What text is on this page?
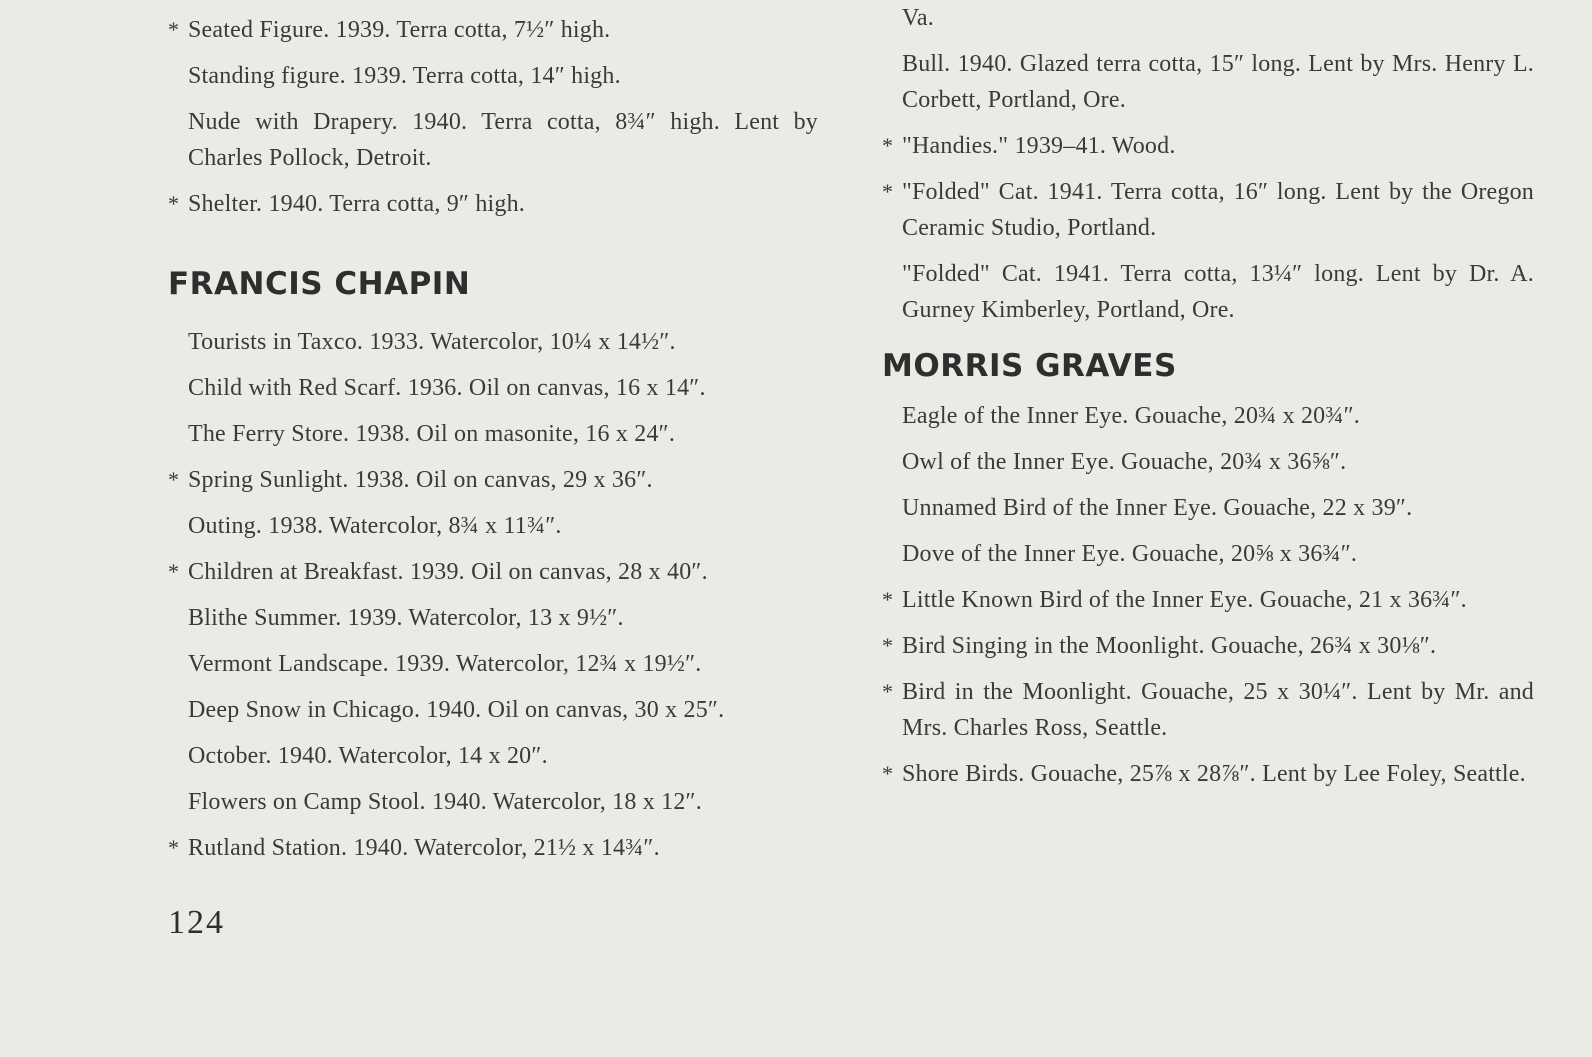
* Seated Figure. 1939. Terra cotta, 7½″ high.
Standing figure. 1939. Terra cotta, 14″ high.
Nude with Drapery. 1940. Terra cotta, 8¾″ high. Lent by Charles Pollock, Detroit.
* Shelter. 1940. Terra cotta, 9″ high.
FRANCIS CHAPIN
Tourists in Taxco. 1933. Watercolor, 10¼ x 14½″.
Child with Red Scarf. 1936. Oil on canvas, 16 x 14″.
The Ferry Store. 1938. Oil on masonite, 16 x 24″.
* Spring Sunlight. 1938. Oil on canvas, 29 x 36″.
Outing. 1938. Watercolor, 8¾ x 11¾″.
* Children at Breakfast. 1939. Oil on canvas, 28 x 40″.
Blithe Summer. 1939. Watercolor, 13 x 9½″.
Vermont Landscape. 1939. Watercolor, 12¾ x 19½″.
Deep Snow in Chicago. 1940. Oil on canvas, 30 x 25″.
October. 1940. Watercolor, 14 x 20″.
Flowers on Camp Stool. 1940. Watercolor, 18 x 12″.
* Rutland Station. 1940. Watercolor, 21½ x 14¾″.
Va.
Bull. 1940. Glazed terra cotta, 15″ long. Lent by Mrs. Henry L. Corbett, Portland, Ore.
* "Handies." 1939–41. Wood.
* "Folded" Cat. 1941. Terra cotta, 16″ long. Lent by the Oregon Ceramic Studio, Portland.
"Folded" Cat. 1941. Terra cotta, 13¼″ long. Lent by Dr. A. Gurney Kimberley, Portland, Ore.
MORRIS GRAVES
Eagle of the Inner Eye. Gouache, 20¾ x 20¾″.
Owl of the Inner Eye. Gouache, 20¾ x 36⅝″.
Unnamed Bird of the Inner Eye. Gouache, 22 x 39″.
Dove of the Inner Eye. Gouache, 20⅝ x 36¾″.
* Little Known Bird of the Inner Eye. Gouache, 21 x 36¾″.
* Bird Singing in the Moonlight. Gouache, 26¾ x 30⅛″.
* Bird in the Moonlight. Gouache, 25 x 30¼″. Lent by Mr. and Mrs. Charles Ross, Seattle.
* Shore Birds. Gouache, 25⅞ x 28⅞″. Lent by Lee Foley, Seattle.
124
